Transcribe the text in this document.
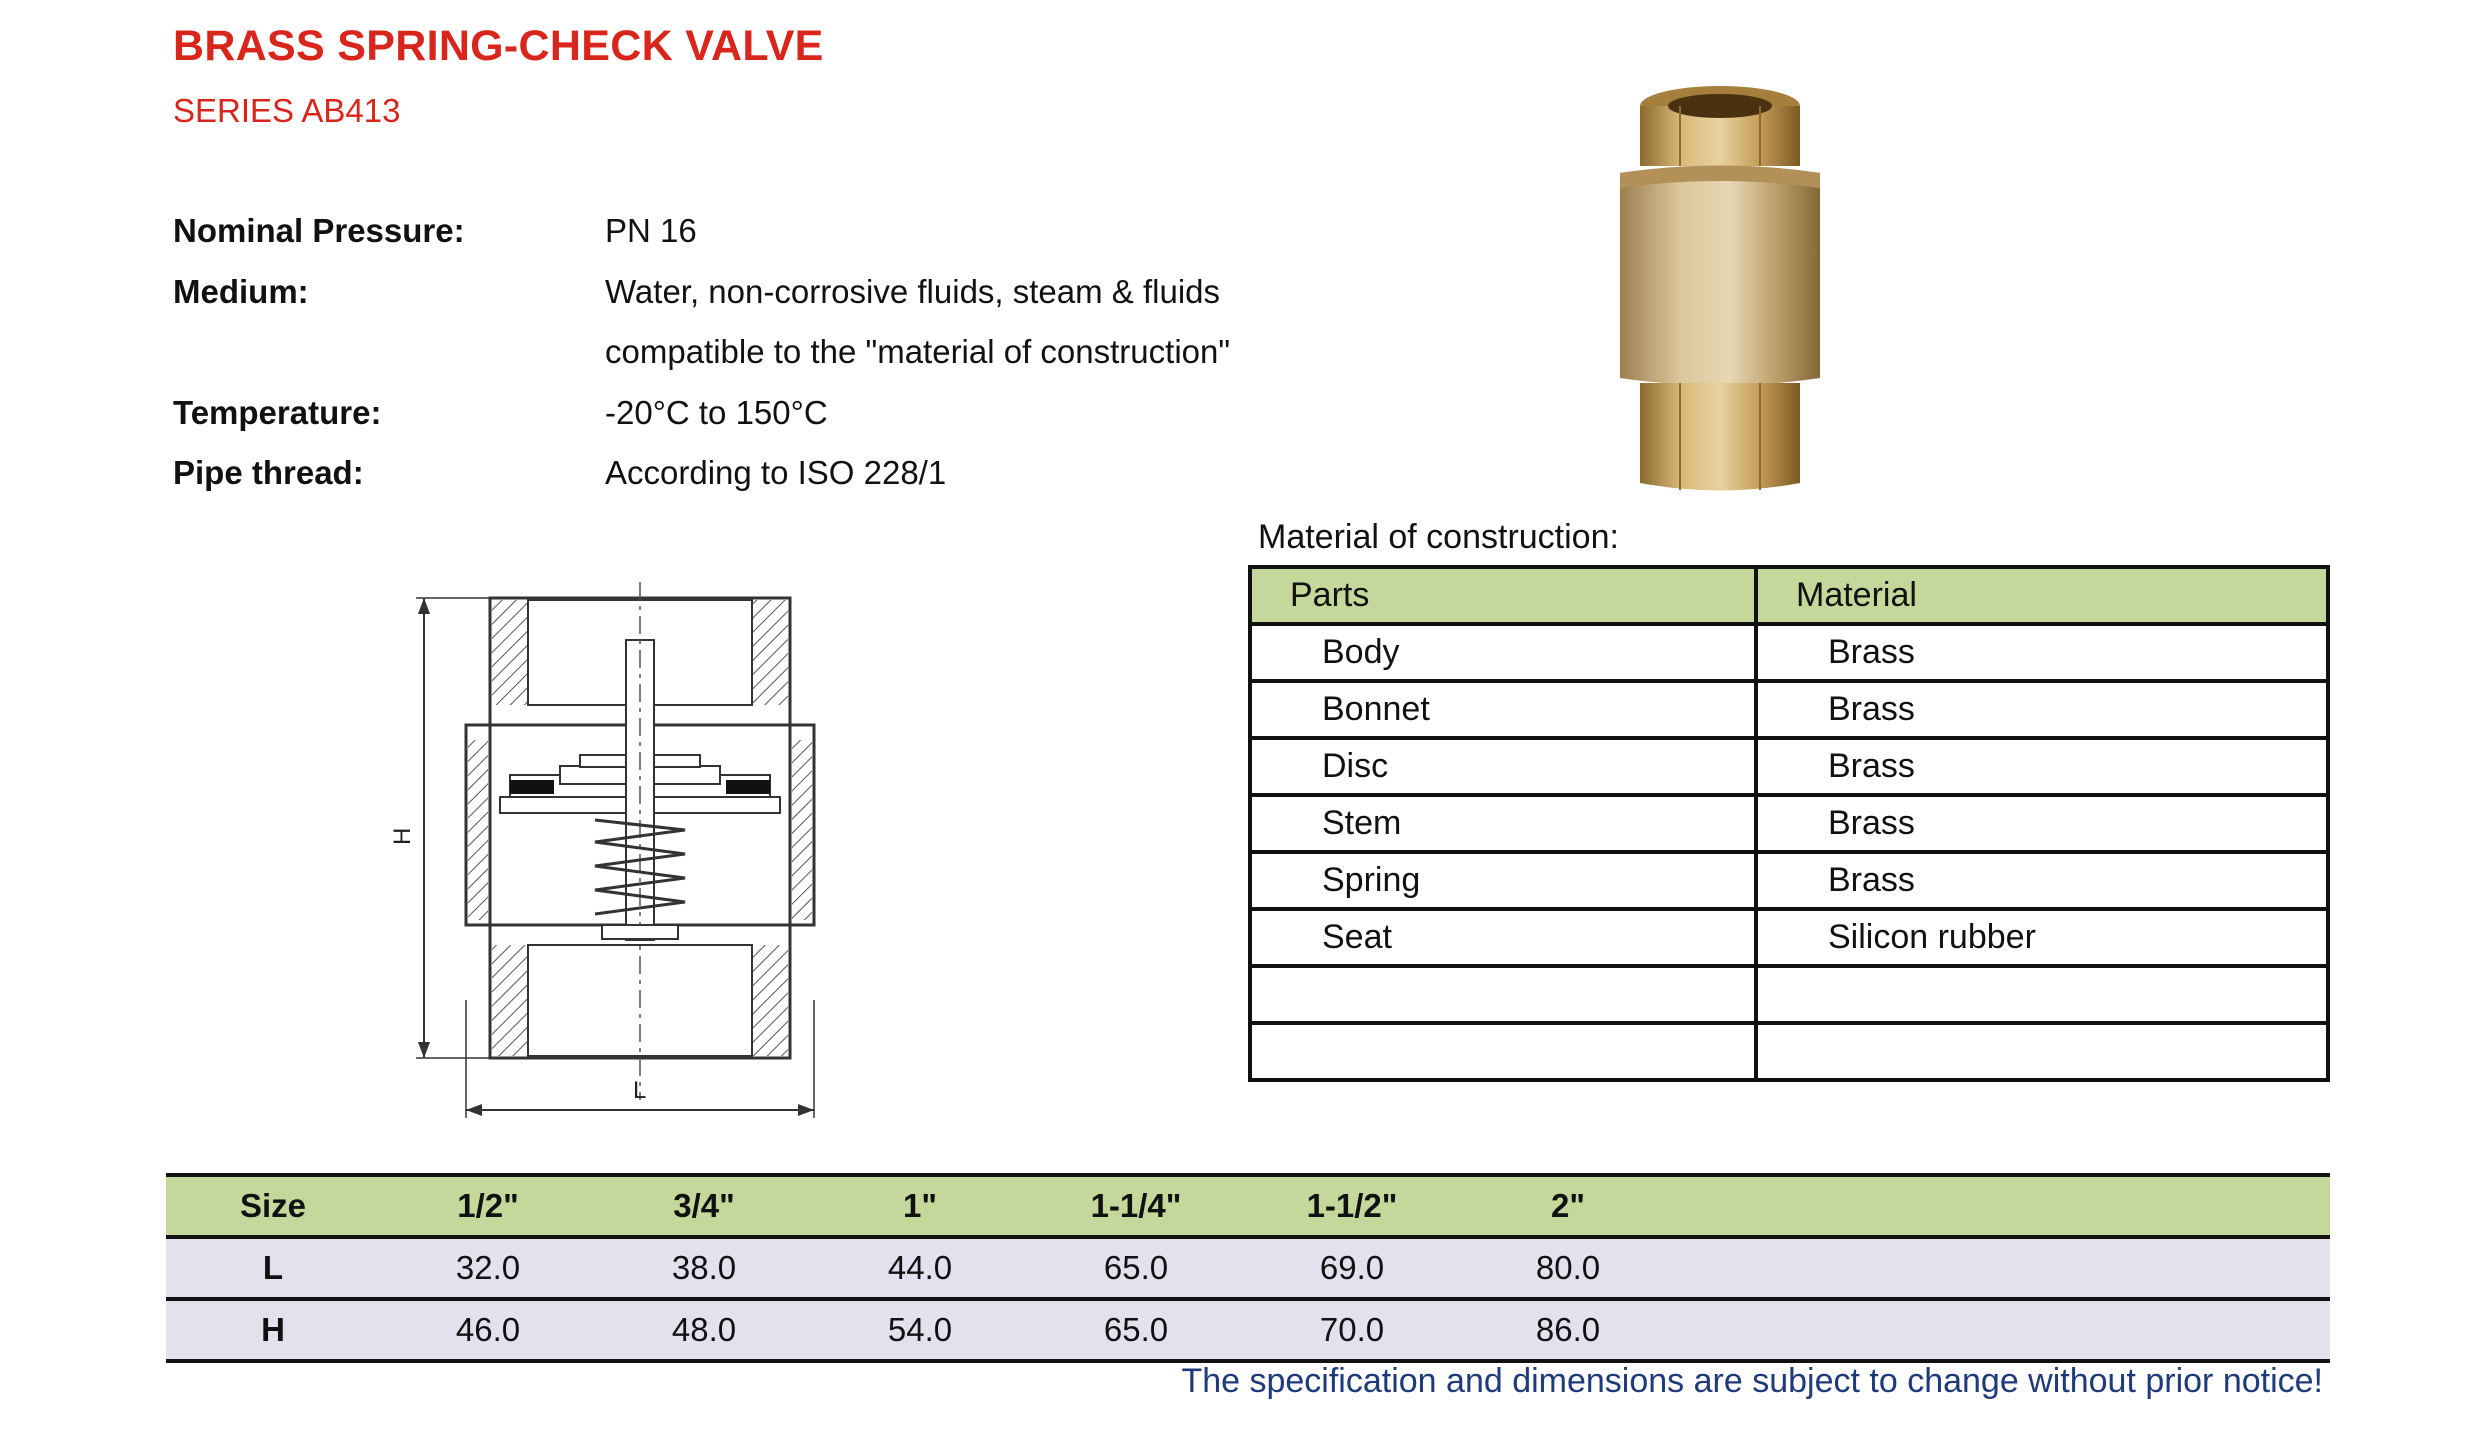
BRASS SPRING-CHECK VALVE
SERIES AB413
Nominal Pressure:	PN 16
Medium:	Water, non-corrosive fluids, steam & fluids
compatible to the "material of construction"
Temperature:	-20°C to 150°C
Pipe thread:	According to ISO 228/1
H
L
Material of construction:
Parts	Material
Body	Brass
Bonnet	Brass
Disc	Brass
Stem	Brass
Spring	Brass
Seat	Silicon rubber

Size	1/2"	3/4"	1"	1-1/4"	1-1/2"	2"	
L	32.0	38.0	44.0	65.0	69.0	80.0	
H	46.0	48.0	54.0	65.0	70.0	86.0	
The specification and dimensions are subject to change without prior notice!
